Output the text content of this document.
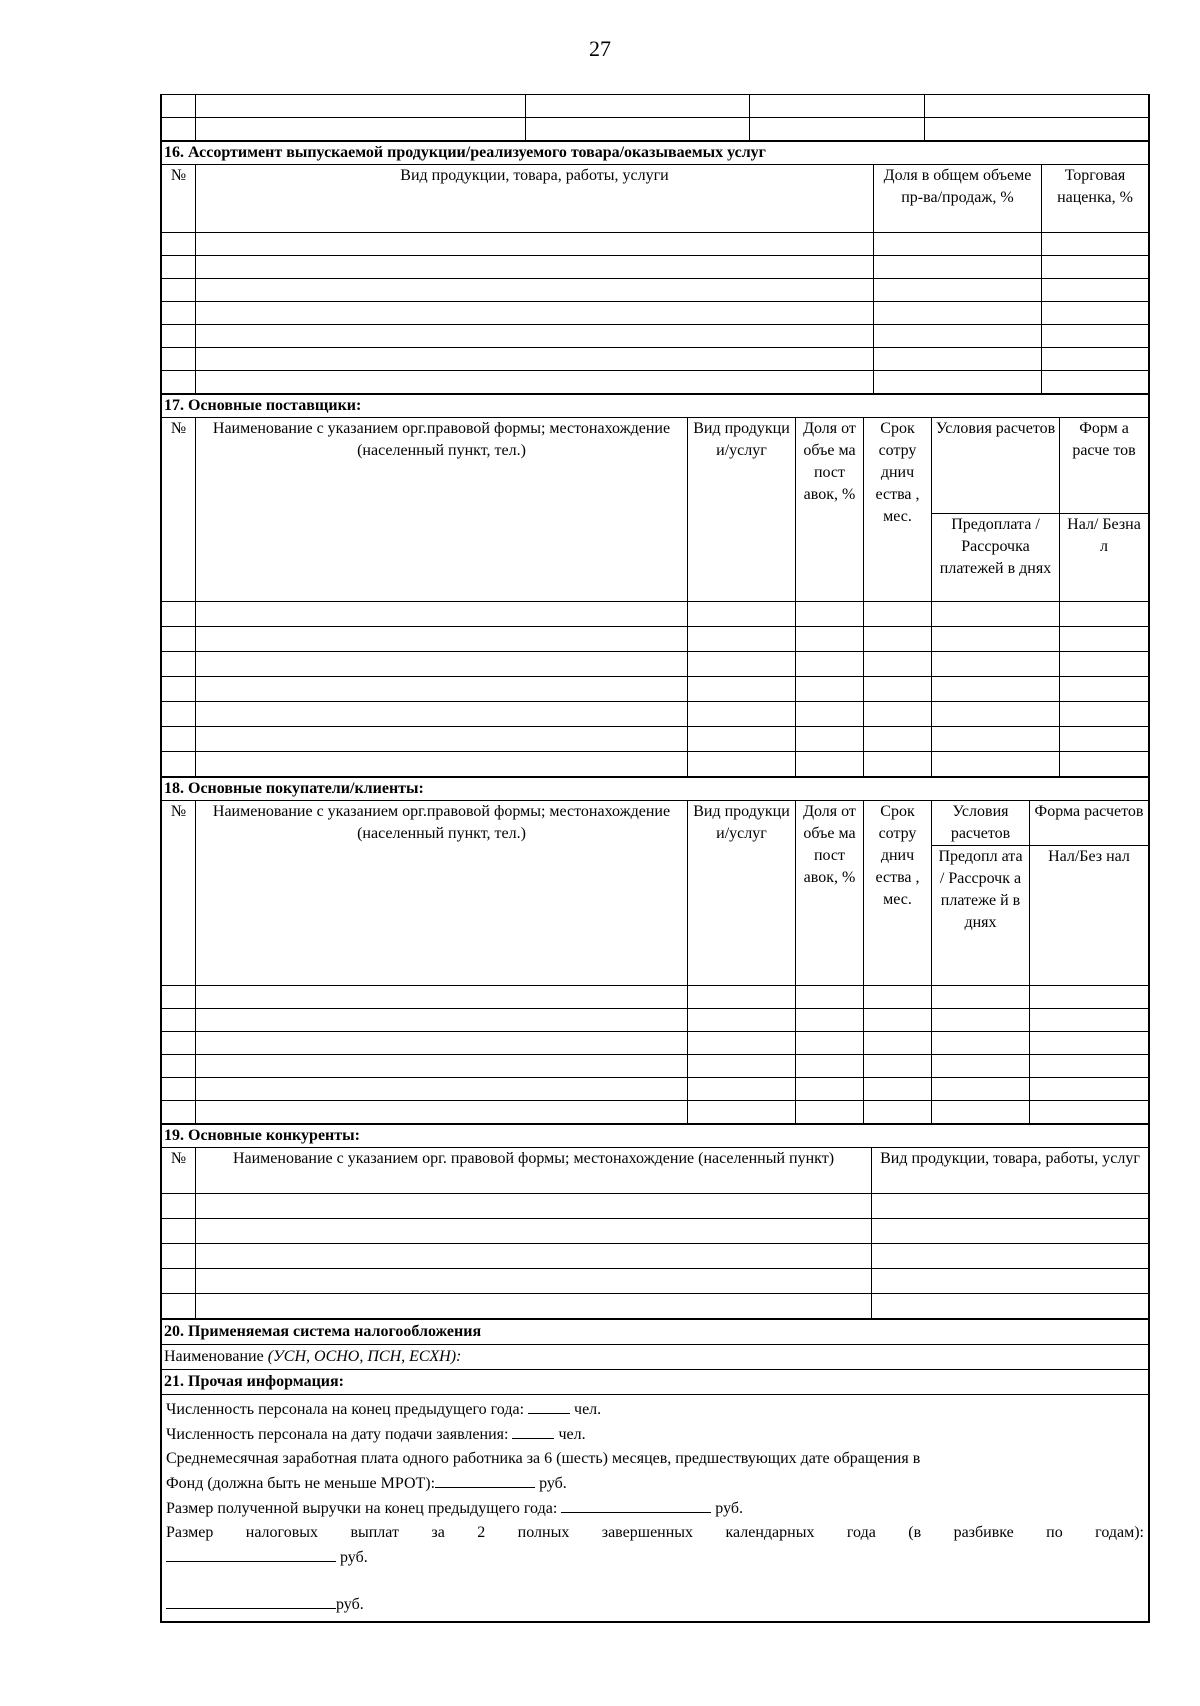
27

16. Ассортимент выпускаемой продукции/реализуемого товара/оказываемых услуг			
№	Вид продукции, товара, работы, услуги	Доля в общем объеме пр-ва/продаж, %	Торговая наценка, %

17. Основные поставщики:						
№	Наименование с указанием орг.правовой формы; местонахождение (населенный пункт, тел.)	Вид продукци и/услуг	Доля от объе ма пост авок, %	Срок сотру днич ества , мес.	Условия расчетов	Форм а расче тов
					Предоплата / Рассрочка платежей в днях	Нал/ Безна л

18. Основные покупатели/клиенты:						
№	Наименование с указанием орг.правовой формы; местонахождение (населенный пункт, тел.)	Вид продукци и/услуг	Доля от объе ма пост авок, %	Срок сотру днич ества , мес.	Условия расчетов	Форма расчетов
					Предопл ата / Рассрочк а платеже й в днях	Нал/Без нал

19. Основные конкуренты:		
№	Наименование с указанием орг. правовой формы; местонахождение (населенный пункт)	Вид продукции, товара, работы, услуг

20. Применяемая система налогообложения
Наименование (УСН, ОСНО, ПСН, ЕСХН):
21. Прочая информация:

Численность персонала на конец предыдущего года:	чел.
Численность персонала на дату подачи заявления:	чел.
Среднемесячная заработная плата одного работника за 6 (шесть) месяцев, предшествующих дате обращения в
Фонд (должна быть не меньше МРОТ):	руб.
Размер полученной выручки на конец предыдущего года:	руб.
Размер налоговых выплат за 2 полных завершенных календарных года (в разбивке по годам):
руб.
руб.
